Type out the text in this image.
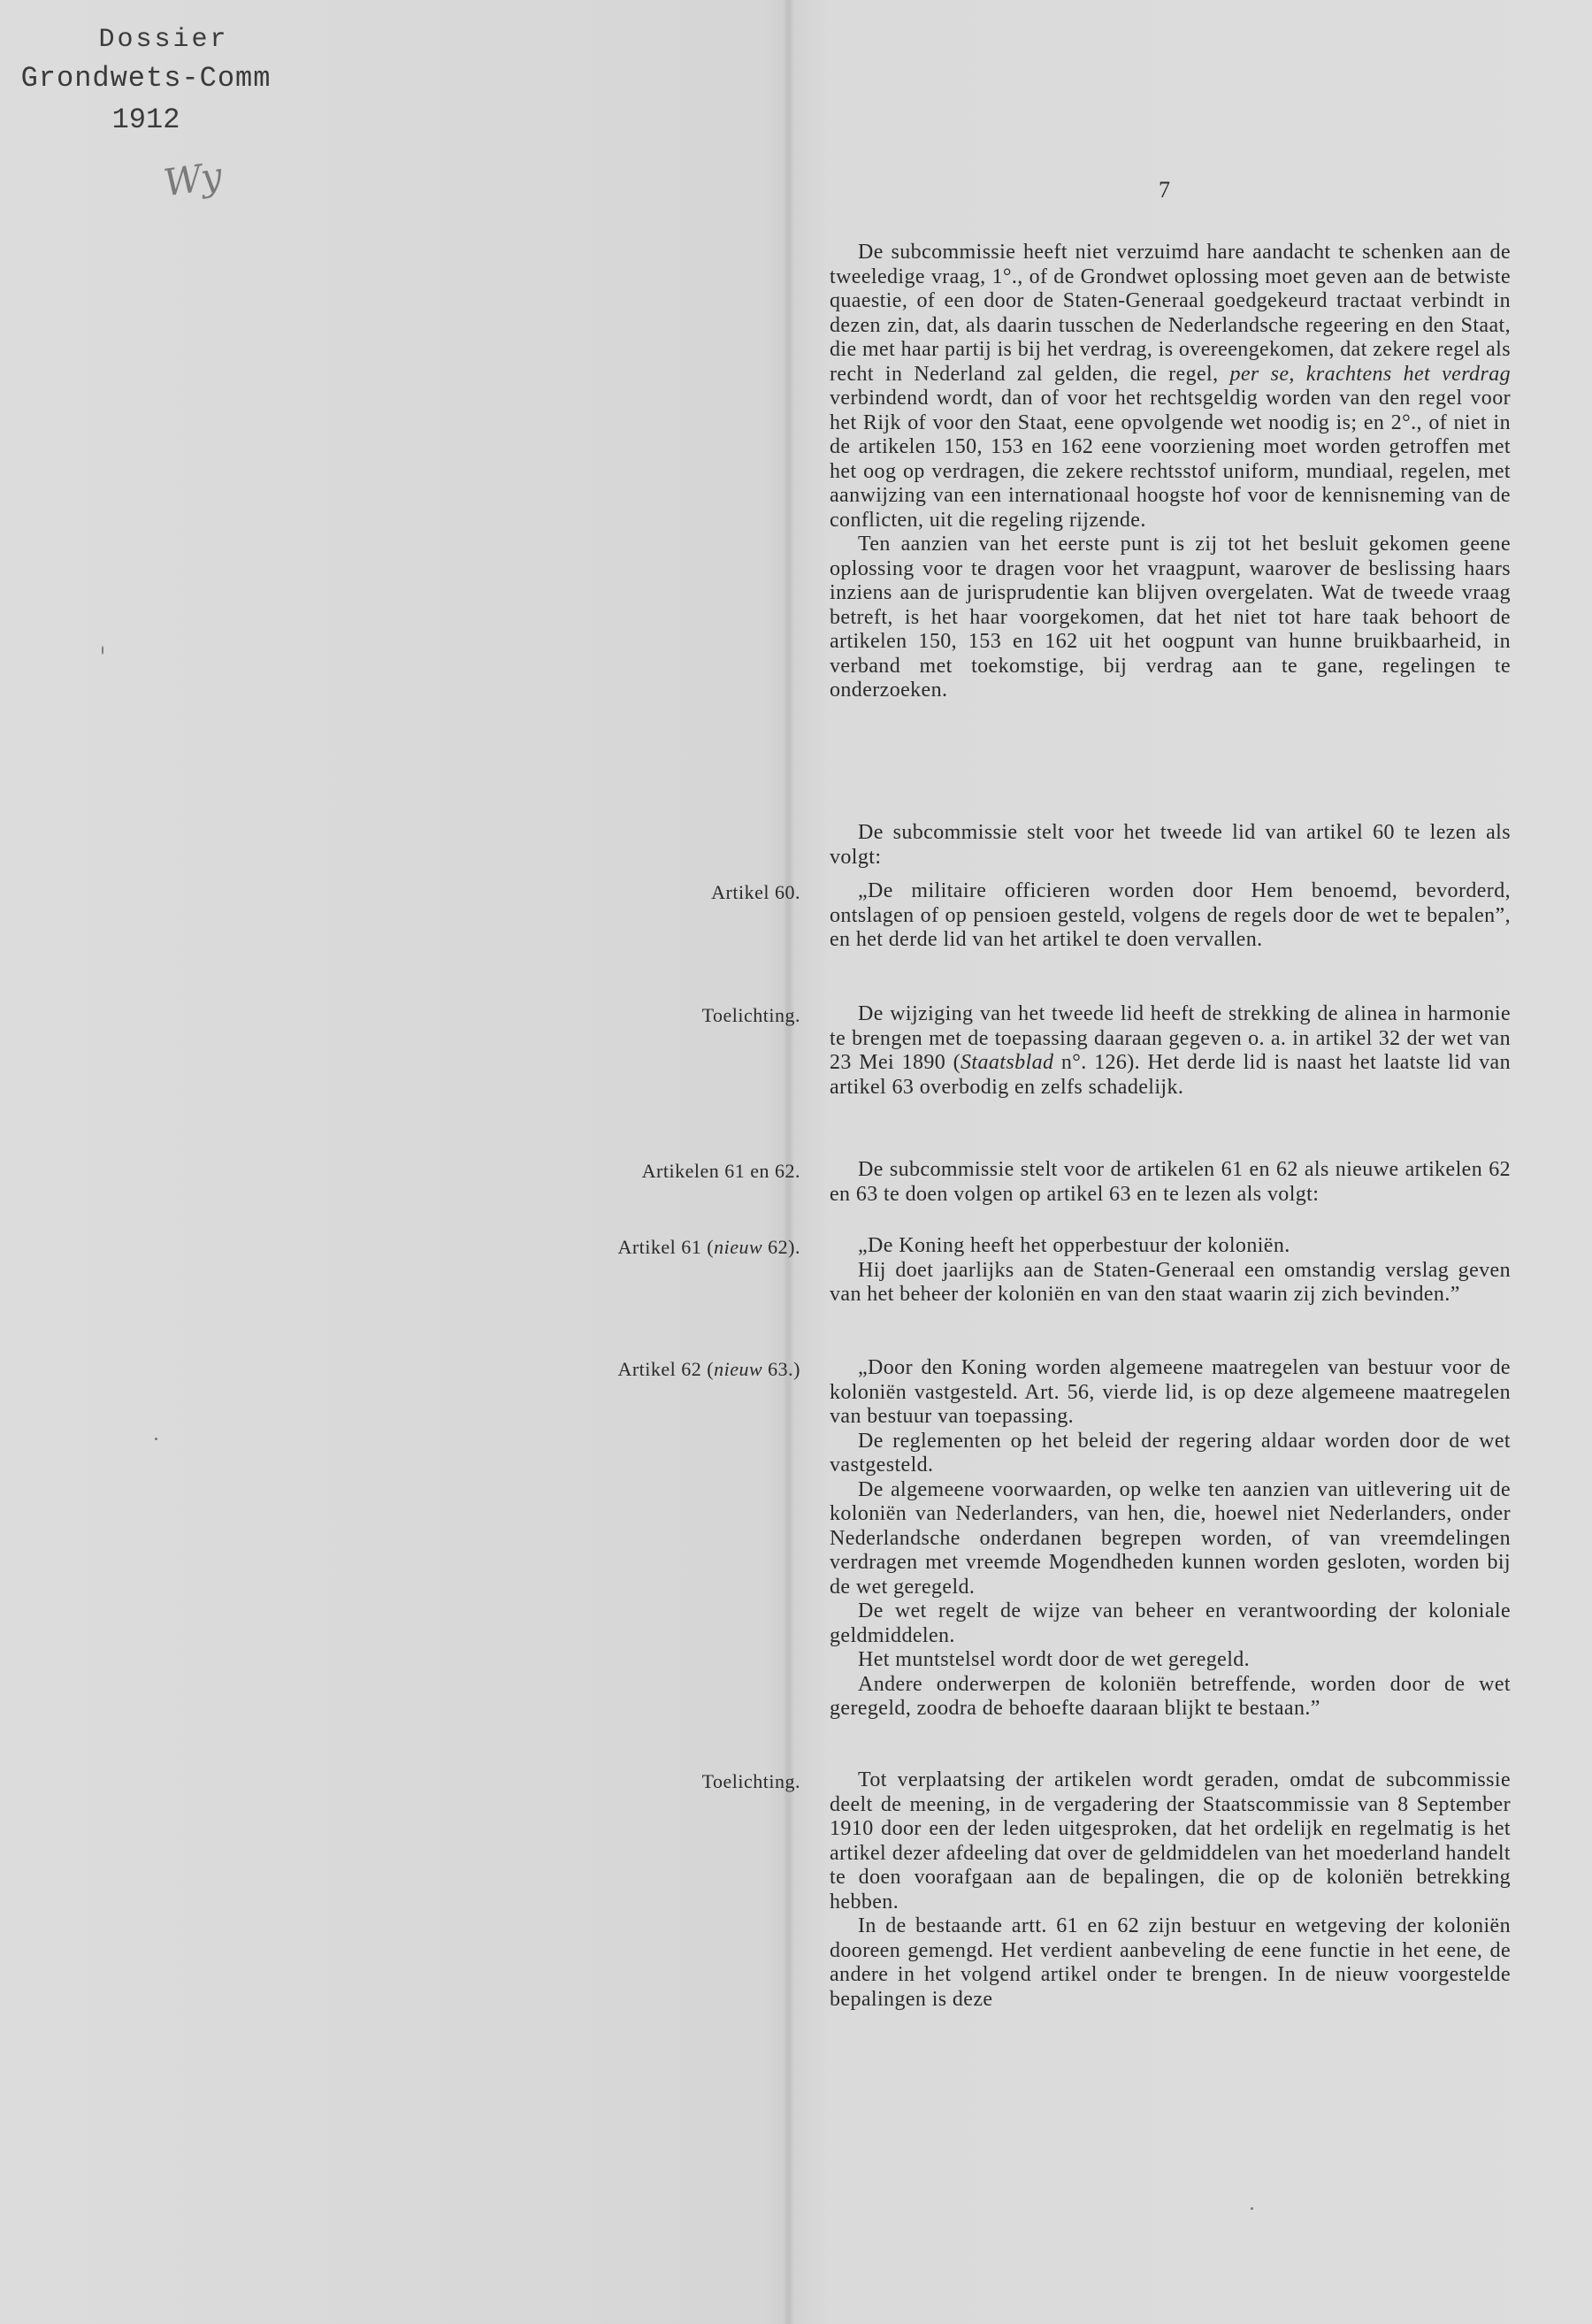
Dossier
Grondwets-Comm
1912
Wy	7

De subcommissie heeft niet verzuimd hare aandacht te schenken aan de tweeledige vraag, 1°., of de Grondwet oplossing moet geven aan de betwiste quaestie, of een door de Staten-Generaal goedgekeurd tractaat verbindt in dezen zin, dat, als daarin tusschen de Nederlandsche regeering en den Staat, die met haar partij is bij het verdrag, is overeengekomen, dat zekere regel als recht in Nederland zal gelden, die regel, per se, krachtens het verdrag verbindend wordt, dan of voor het rechtsgeldig worden van den regel voor het Rijk of voor den Staat, eene opvolgende wet noodig is; en 2°., of niet in de artikelen 150, 153 en 162 eene voorziening moet worden getroffen met het oog op verdragen, die zekere rechtsstof uniform, mundiaal, regelen, met aanwijzing van een internationaal hoogste hof voor de kennisneming van de conflicten, uit die regeling rijzende.

Ten aanzien van het eerste punt is zij tot het besluit gekomen geene oplossing voor te dragen voor het vraagpunt, waarover de beslissing haars inziens aan de jurisprudentie kan blijven overgelaten. Wat de tweede vraag betreft, is het haar voorgekomen, dat het niet tot hare taak behoort de artikelen 150, 153 en 162 uit het oogpunt van hunne bruikbaarheid, in verband met toekomstige, bij verdrag aan te gane, regelingen te onderzoeken.

De subcommissie stelt voor het tweede lid van artikel 60 te lezen als volgt:

Artikel 60.	„De militaire officieren worden door Hem benoemd, bevorderd, ontslagen of op pensioen gesteld, volgens de regels door de wet te bepalen”, en het derde lid van het artikel te doen vervallen.

Toelichting.	De wijziging van het tweede lid heeft de strekking de alinea in harmonie te brengen met de toepassing daaraan gegeven o. a. in artikel 32 der wet van 23 Mei 1890 (Staatsblad n°. 126). Het derde lid is naast het laatste lid van artikel 63 overbodig en zelfs schadelijk.

Artikelen 61 en 62.	De subcommissie stelt voor de artikelen 61 en 62 als nieuwe artikelen 62 en 63 te doen volgen op artikel 63 en te lezen als volgt:

Artikel 61 (nieuw 62).	„De Koning heeft het opperbestuur der koloniën.

Hij doet jaarlijks aan de Staten-Generaal een omstandig verslag geven van het beheer der koloniën en van den staat waarin zij zich bevinden.”

Artikel 62 (nieuw 63.)	„Door den Koning worden algemeene maatregelen van bestuur voor de koloniën vastgesteld. Art. 56, vierde lid, is op deze algemeene maatregelen van bestuur van toepassing.

De reglementen op het beleid der regering aldaar worden door de wet vastgesteld.

De algemeene voorwaarden, op welke ten aanzien van uitlevering uit de koloniën van Nederlanders, van hen, die, hoewel niet Nederlanders, onder Nederlandsche onderdanen begrepen worden, of van vreemdelingen verdragen met vreemde Mogendheden kunnen worden gesloten, worden bij de wet geregeld.

De wet regelt de wijze van beheer en verantwoording der koloniale geldmiddelen.

Het muntstelsel wordt door de wet geregeld.

Andere onderwerpen de koloniën betreffende, worden door de wet geregeld, zoodra de behoefte daaraan blijkt te bestaan.”

Toelichting.	Tot verplaatsing der artikelen wordt geraden, omdat de subcommissie deelt de meening, in de vergadering der Staatscommissie van 8 September 1910 door een der leden uitgesproken, dat het ordelijk en regelmatig is het artikel dezer afdeeling dat over de geldmiddelen van het moederland handelt te doen voorafgaan aan de bepalingen, die op de koloniën betrekking hebben.

In de bestaande artt. 61 en 62 zijn bestuur en wetgeving der koloniën dooreen gemengd. Het verdient aanbeveling de eene functie in het eene, de andere in het volgend artikel onder te brengen. In de nieuw voorgestelde bepalingen is deze
